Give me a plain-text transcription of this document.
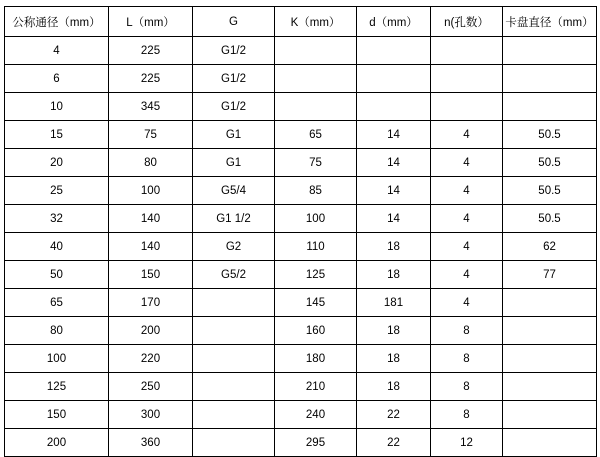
公称通径（mm）	L（mm）	G	K（mm）	d（mm）	n(孔数）	卡盘直径（mm）
4	225	G1/2				
6	225	G1/2				
10	345	G1/2				
15	75	G1	65	14	4	50.5
20	80	G1	75	14	4	50.5
25	100	G5/4	85	14	4	50.5
32	140	G1 1/2	100	14	4	50.5
40	140	G2	110	18	4	62
50	150	G5/2	125	18	4	77
65	170		145	181	4	
80	200		160	18	8	
100	220		180	18	8	
125	250		210	18	8	
150	300		240	22	8	
200	360		295	22	12	
